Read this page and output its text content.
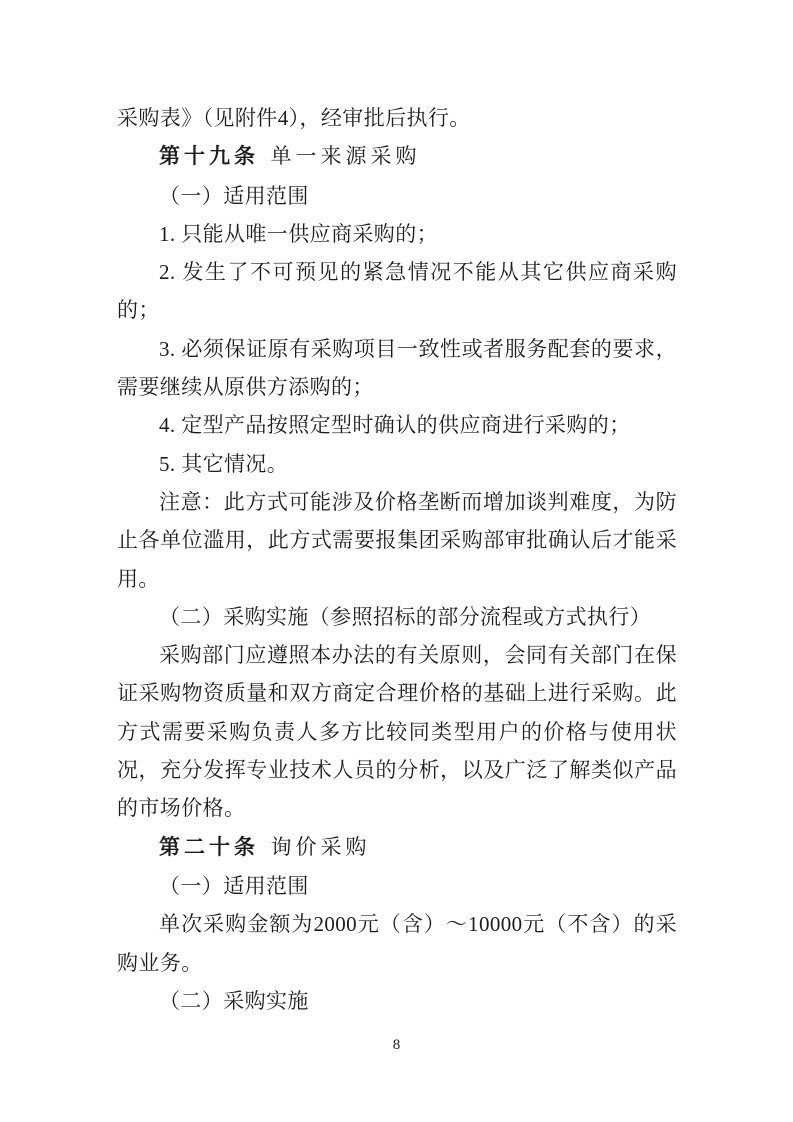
采购表》（见附件4），经审批后执行。

第十九条 单一来源采购

（一）适用范围

1. 只能从唯一供应商采购的；

2. 发生了不可预见的紧急情况不能从其它供应商采购的；

3. 必须保证原有采购项目一致性或者服务配套的要求，需要继续从原供方添购的；

4. 定型产品按照定型时确认的供应商进行采购的；

5. 其它情况。

注意：此方式可能涉及价格垄断而增加谈判难度，为防止各单位滥用，此方式需要报集团采购部审批确认后才能采用。

（二）采购实施（参照招标的部分流程或方式执行）

采购部门应遵照本办法的有关原则，会同有关部门在保证采购物资质量和双方商定合理价格的基础上进行采购。此方式需要采购负责人多方比较同类型用户的价格与使用状况，充分发挥专业技术人员的分析，以及广泛了解类似产品的市场价格。

第二十条 询价采购

（一）适用范围

单次采购金额为2000元（含）～10000元（不含）的采购业务。

（二）采购实施

8
